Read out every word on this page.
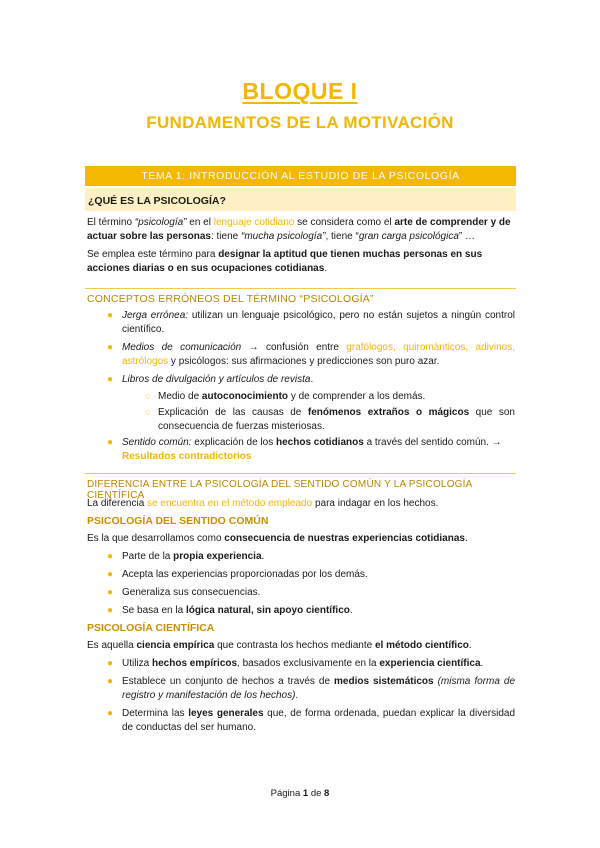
BLOQUE I
FUNDAMENTOS DE LA MOTIVACIÓN
TEMA 1: INTRODUCCIÓN AL ESTUDIO DE LA PSICOLOGÍA
¿QUÉ ES LA PSICOLOGÍA?
El término “psicología” en el lenguaje cotidiano se considera como el arte de comprender y de actuar sobre las personas: tiene “mucha psicología”, tiene “gran carga psicológica” …
Se emplea este término para designar la aptitud que tienen muchas personas en sus acciones diarias o en sus ocupaciones cotidianas.
CONCEPTOS ERRÓNEOS DEL TÉRMINO “PSICOLOGÍA”
● Jerga errónea: utilizan un lenguaje psicológico, pero no están sujetos a ningún control científico.
● Medios de comunicación → confusión entre grafólogos, quiromànticos, adivinos, astrólogos y psicólogos: sus afirmaciones y predicciones son puro azar.
● Libros de divulgación y artículos de revista.
○ Medio de autoconocimiento y de comprender a los demás.
○ Explicación de las causas de fenómenos extraños o mágicos que son consecuencia de fuerzas misteriosas.
● Sentido común: explicación de los hechos cotidianos a través del sentido común. → Resultados contradictorios
DIFERENCIA ENTRE LA PSICOLOGÍA DEL SENTIDO COMÚN Y LA PSICOLOGÍA CIENTÍFICA
La diferencia se encuentra en el método empleado para indagar en los hechos.
PSICOLOGÍA DEL SENTIDO COMÚN
Es la que desarrollamos como consecuencia de nuestras experiencias cotidianas.
● Parte de la propia experiencia.
● Acepta las experiencias proporcionadas por los demás.
● Generaliza sus consecuencias.
● Se basa en la lógica natural, sin apoyo científico.
PSICOLOGÍA CIENTÍFICA
Es aquella ciencia empírica que contrasta los hechos mediante el método científico.
● Utiliza hechos empíricos, basados exclusivamente en la experiencia científica.
● Establece un conjunto de hechos a través de medios sistemáticos (misma forma de registro y manifestación de los hechos).
● Determina las leyes generales que, de forma ordenada, puedan explicar la diversidad de conductas del ser humano.
Página 1 de 8
